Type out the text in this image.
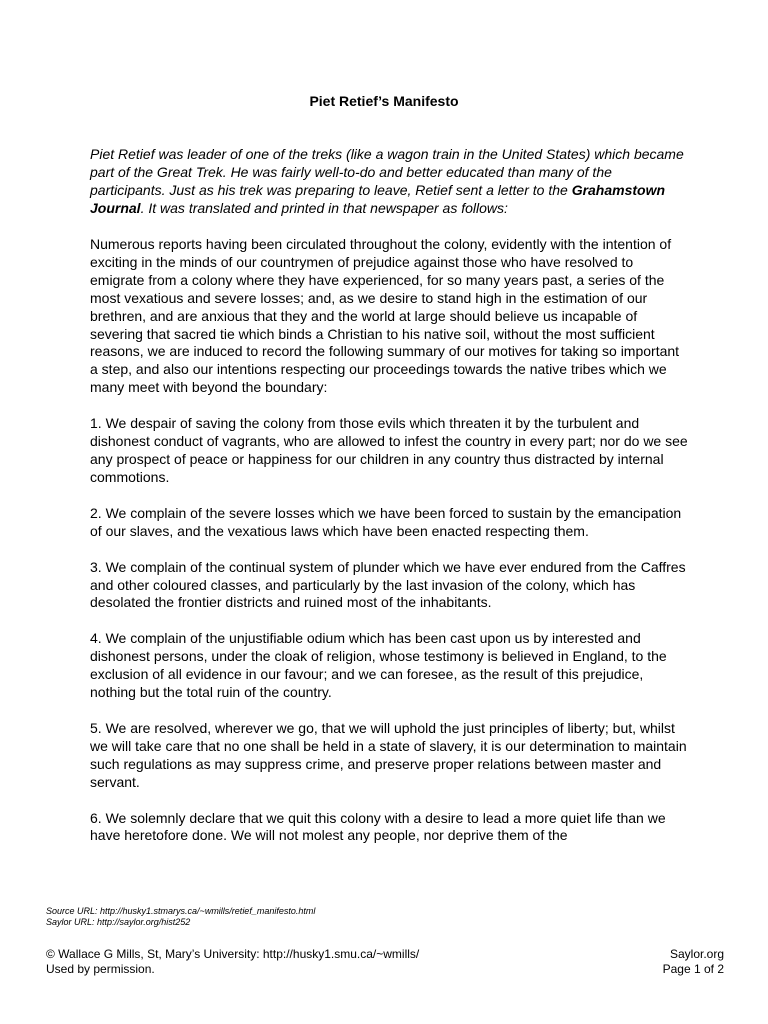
Piet Retief’s Manifesto
Piet Retief was leader of one of the treks (like a wagon train in the United States) which became part of the Great Trek. He was fairly well-to-do and better educated than many of the participants. Just as his trek was preparing to leave, Retief sent a letter to the Grahamstown Journal. It was translated and printed in that newspaper as follows:

Numerous reports having been circulated throughout the colony, evidently with the intention of exciting in the minds of our countrymen of prejudice against those who have resolved to emigrate from a colony where they have experienced, for so many years past, a series of the most vexatious and severe losses; and, as we desire to stand high in the estimation of our brethren, and are anxious that they and the world at large should believe us incapable of severing that sacred tie which binds a Christian to his native soil, without the most sufficient reasons, we are induced to record the following summary of our motives for taking so important a step, and also our intentions respecting our proceedings towards the native tribes which we many meet with beyond the boundary:

1. We despair of saving the colony from those evils which threaten it by the turbulent and dishonest conduct of vagrants, who are allowed to infest the country in every part; nor do we see any prospect of peace or happiness for our children in any country thus distracted by internal commotions.

2. We complain of the severe losses which we have been forced to sustain by the emancipation of our slaves, and the vexatious laws which have been enacted respecting them.

3. We complain of the continual system of plunder which we have ever endured from the Caffres and other coloured classes, and particularly by the last invasion of the colony, which has desolated the frontier districts and ruined most of the inhabitants.

4. We complain of the unjustifiable odium which has been cast upon us by interested and dishonest persons, under the cloak of religion, whose testimony is believed in England, to the exclusion of all evidence in our favour; and we can foresee, as the result of this prejudice, nothing but the total ruin of the country.

5. We are resolved, wherever we go, that we will uphold the just principles of liberty; but, whilst we will take care that no one shall be held in a state of slavery, it is our determination to maintain such regulations as may suppress crime, and preserve proper relations between master and servant.

6. We solemnly declare that we quit this colony with a desire to lead a more quiet life than we have heretofore done. We will not molest any people, nor deprive them of the

Source URL: http://husky1.stmarys.ca/~wmills/retief_manifesto.html
Saylor URL: http://saylor.org/hist252
© Wallace G Mills, St, Mary’s University: http://husky1.smu.ca/~wmills/
Used by permission.
Saylor.org
Page 1 of 2
